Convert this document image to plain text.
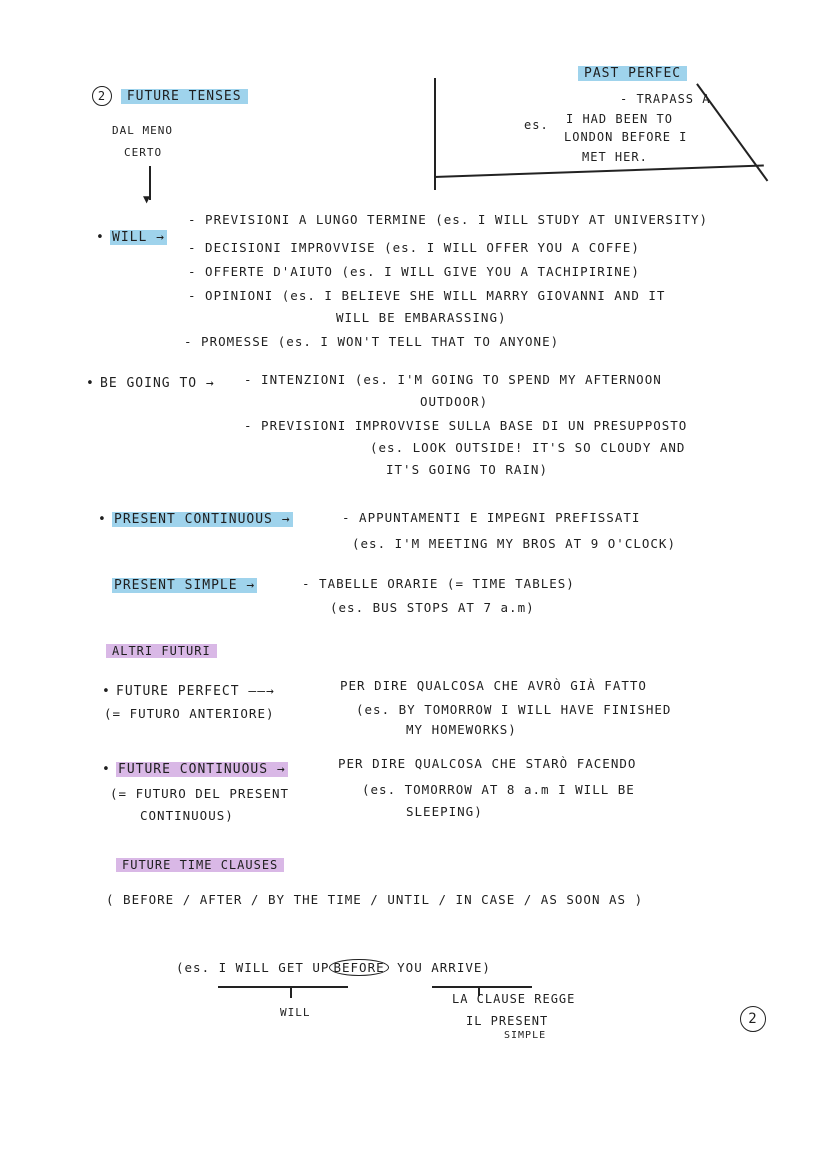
2 FUTURE TENSES
DAL MENO
CERTO
▼
PAST PERFEC
- TRAPASS A
es. I HAD BEEN TO
LONDON BEFORE I
MET HER.
• WILL →
- PREVISIONI A LUNGO TERMINE (es. I WILL STUDY AT UNIVERSITY)
- DECISIONI IMPROVVISE (es. I WILL OFFER YOU A COFFE)
- OFFERTE D'AIUTO (es. I WILL GIVE YOU A TACHIPIRINE)
- OPINIONI (es. I BELIEVE SHE WILL MARRY GIOVANNI AND IT
WILL BE EMBARASSING)
- PROMESSE (es. I WON'T TELL THAT TO ANYONE)
• BE GOING TO → - INTENZIONI (es. I'M GOING TO SPEND MY AFTERNOON
OUTDOOR)
- PREVISIONI IMPROVVISE SULLA BASE DI UN PRESUPPOSTO
(es. LOOK OUTSIDE! IT'S SO CLOUDY AND
IT'S GOING TO RAIN)
• PRESENT CONTINUOUS →	- APPUNTAMENTI E IMPEGNI PREFISSATI
(es. I'M MEETING MY BROS AT 9 O'CLOCK)
PRESENT SIMPLE →	- TABELLE ORARIE (= TIME TABLES)
(es. BUS STOPS AT 7 a.m)
ALTRI FUTURI
• FUTURE PERFECT ——→
(= FUTURO ANTERIORE)
PER DIRE QUALCOSA CHE AVRÒ GIÀ FATTO
(es. BY TOMORROW I WILL HAVE FINISHED
MY HOMEWORKS)
• FUTURE CONTINUOUS →
(= FUTURO DEL PRESENT
CONTINUOUS)
PER DIRE QUALCOSA CHE STARÒ FACENDO
(es. TOMORROW AT 8 a.m I WILL BE
SLEEPING)
FUTURE TIME CLAUSES
( BEFORE / AFTER / BY THE TIME / UNTIL / IN CASE / AS SOON AS )
(es. I WILL GET UP BEFORE YOU ARRIVE)
WILL
LA CLAUSE REGGE
IL PRESENT
SIMPLE
2
